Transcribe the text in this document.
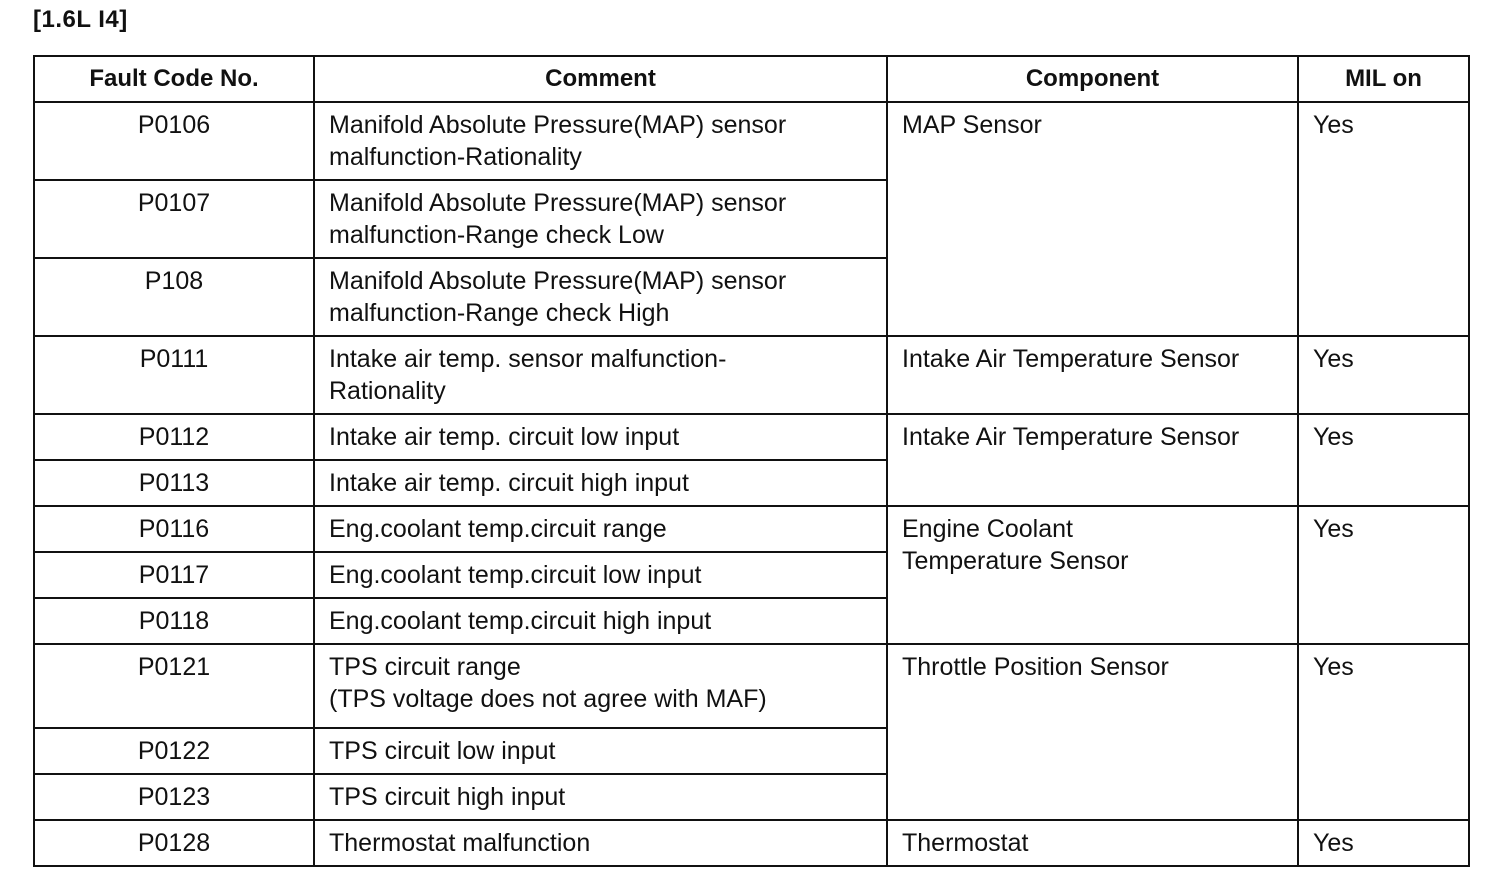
[1.6L I4]
Fault Code No.	Comment	Component	MIL on
P0106	Manifold Absolute Pressure(MAP) sensor
malfunction-Rationality	MAP Sensor	Yes
P0107	Manifold Absolute Pressure(MAP) sensor
malfunction-Range check Low		
P108	Manifold Absolute Pressure(MAP) sensor
malfunction-Range check High		
P0111	Intake air temp. sensor malfunction-
Rationality	Intake Air Temperature Sensor	Yes
P0112	Intake air temp. circuit low input	Intake Air Temperature Sensor	Yes
P0113	Intake air temp. circuit high input		
P0116	Eng.coolant temp.circuit range	Engine Coolant
Temperature Sensor	Yes
P0117	Eng.coolant temp.circuit low input		
P0118	Eng.coolant temp.circuit high input		
P0121	TPS circuit range
(TPS voltage does not agree with MAF)	Throttle Position Sensor	Yes
P0122	TPS circuit low input		
P0123	TPS circuit high input		
P0128	Thermostat malfunction	Thermostat	Yes
